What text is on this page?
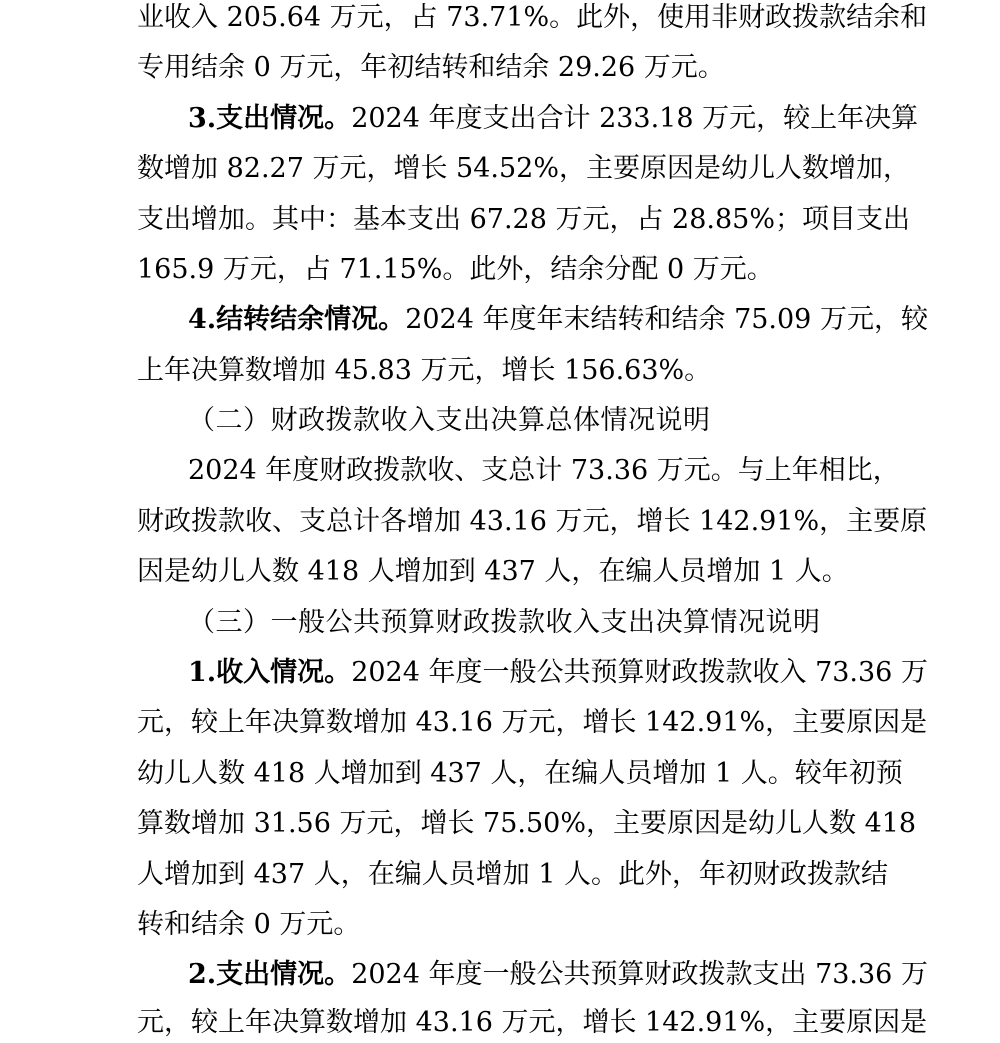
业收入 205.64 万元，占 73.71%。此外，使用非财政拨款结余和
专用结余 0 万元，年初结转和结余 29.26 万元。
3.支出情况。2024 年度支出合计 233.18 万元，较上年决算
数增加 82.27 万元，增长 54.52%，主要原因是幼儿人数增加，
支出增加。其中：基本支出 67.28 万元，占 28.85%；项目支出
165.9 万元，占 71.15%。此外，结余分配 0 万元。
4.结转结余情况。2024 年度年末结转和结余 75.09 万元，较
上年决算数增加 45.83 万元，增长 156.63%。
（二）财政拨款收入支出决算总体情况说明
2024 年度财政拨款收、支总计 73.36 万元。与上年相比，
财政拨款收、支总计各增加 43.16 万元，增长 142.91%，主要原
因是幼儿人数 418 人增加到 437 人，在编人员增加 1 人。
（三）一般公共预算财政拨款收入支出决算情况说明
1.收入情况。2024 年度一般公共预算财政拨款收入 73.36 万
元，较上年决算数增加 43.16 万元，增长 142.91%，主要原因是
幼儿人数 418 人增加到 437 人，在编人员增加 1 人。较年初预
算数增加 31.56 万元，增长 75.50%，主要原因是幼儿人数 418
人增加到 437 人，在编人员增加 1 人。此外，年初财政拨款结
转和结余 0 万元。
2.支出情况。2024 年度一般公共预算财政拨款支出 73.36 万
元，较上年决算数增加 43.16 万元，增长 142.91%，主要原因是
